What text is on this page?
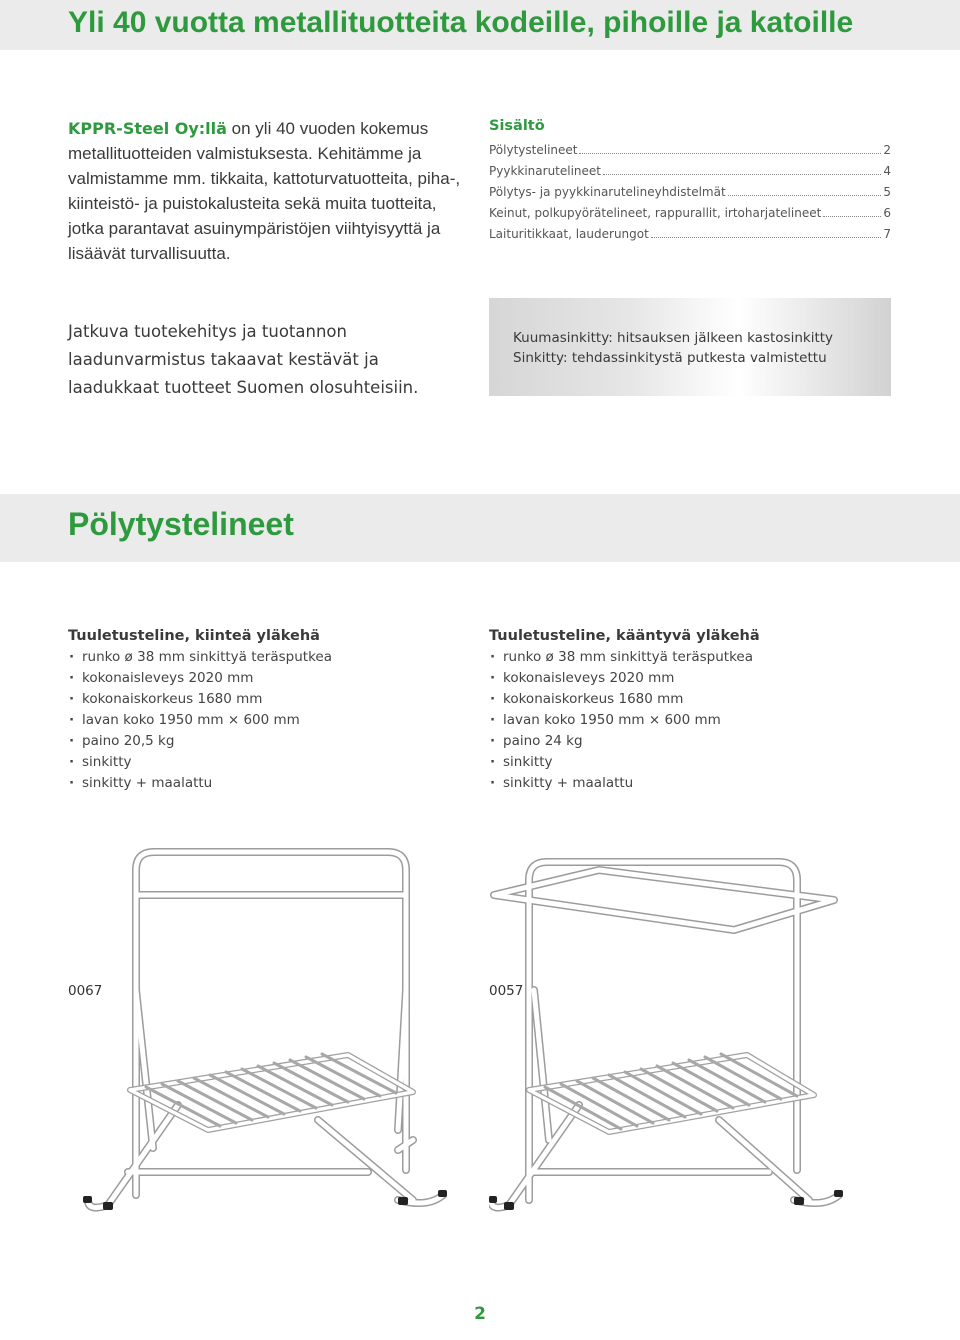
Yli 40 vuotta metallituotteita kodeille, pihoille ja katoille

KPPR-Steel Oy:llä on yli 40 vuoden kokemus metallituotteiden valmistuksesta. Kehitämme ja valmistamme mm. tikkaita, kattoturvatuotteita, piha-, kiinteistö- ja puistokalusteita sekä muita tuotteita, jotka parantavat asuinympäristöjen viihtyisyyttä ja lisäävät turvallisuutta.

Jatkuva tuotekehitys ja tuotannon laadunvarmistus takaavat kestävät ja laadukkaat tuotteet Suomen olosuhteisiin.

Sisältö
Pölytystelineet	2
Pyykkinarutelineet	4
Pölytys- ja pyykkinarutelineyhdistelmät	5
Keinut, polkupyörätelineet, rappurallit, irtoharjatelineet	6
Laituritikkaat, lauderungot	7
Kuumasinkitty: hitsauksen jälkeen kastosinkitty
Sinkitty: tehdassinkitystä putkesta valmistettu
Pölytystelineet
Tuuletusteline, kiinteä yläkehä
· runko ø 38 mm sinkittyä teräsputkea
· kokonaisleveys 2020 mm
· kokonaiskorkeus 1680 mm
· lavan koko 1950 mm × 600 mm
· paino 20,5 kg
· sinkitty
· sinkitty + maalattu
Tuuletusteline, kääntyvä yläkehä
· runko ø 38 mm sinkittyä teräsputkea
· kokonaisleveys 2020 mm
· kokonaiskorkeus 1680 mm
· lavan koko 1950 mm × 600 mm
· paino 24 kg
· sinkitty
· sinkitty + maalattu
0067	0057
2
